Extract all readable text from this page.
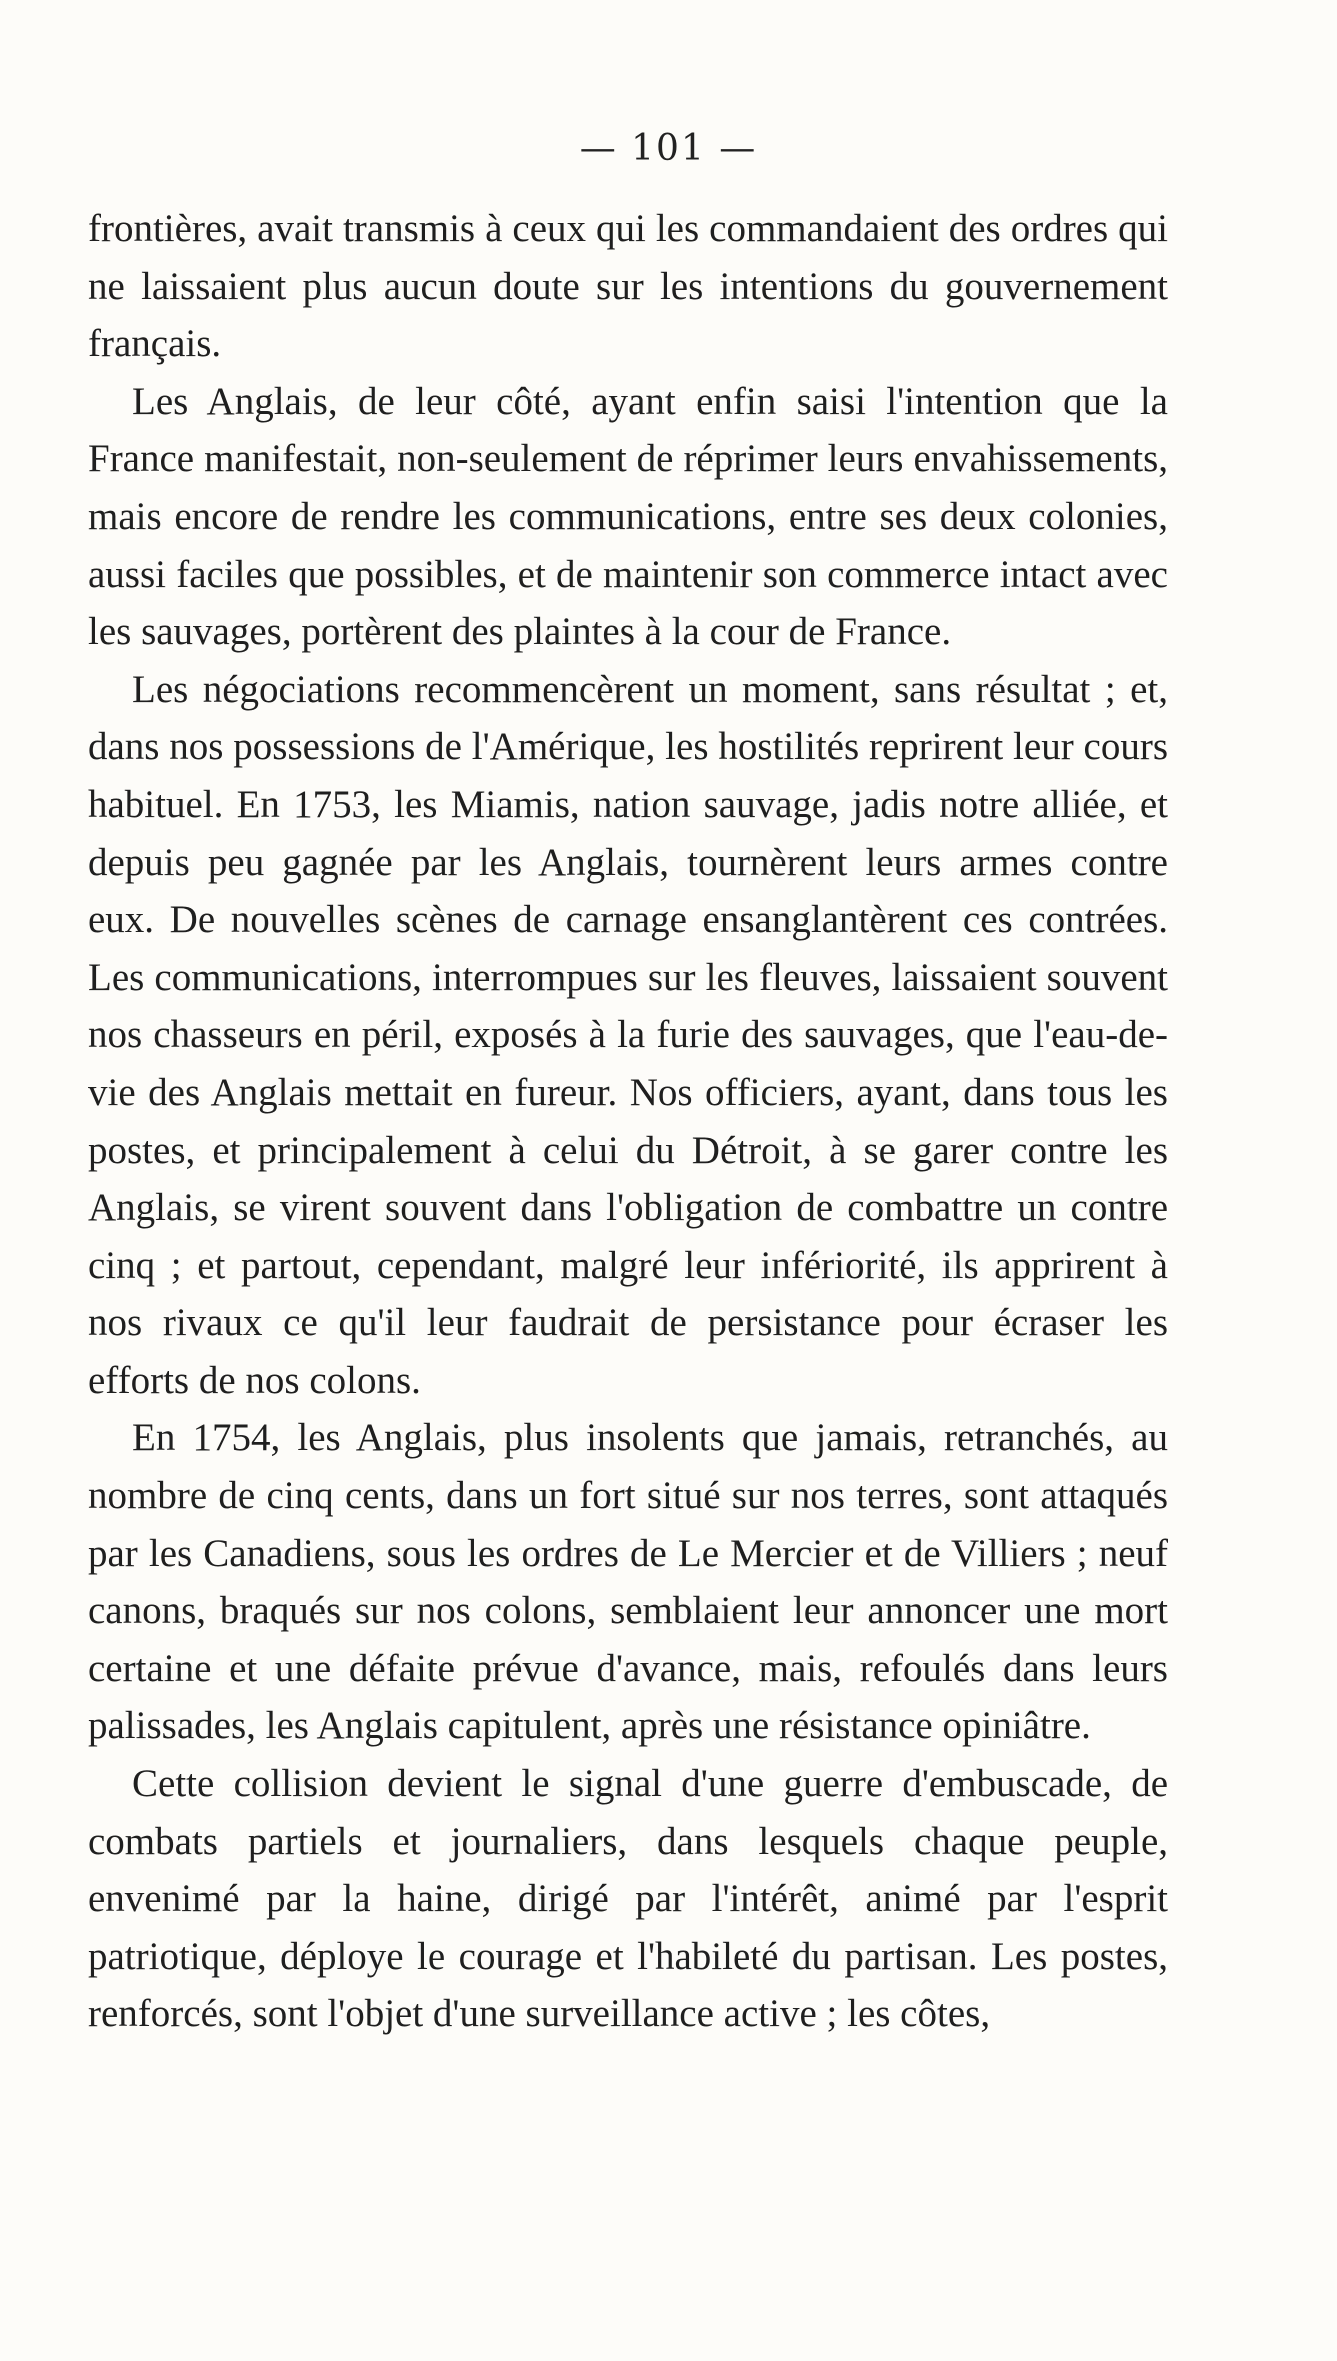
— 101 —

frontières, avait transmis à ceux qui les commandaient des ordres qui ne laissaient plus aucun doute sur les intentions du gouvernement français.

Les Anglais, de leur côté, ayant enfin saisi l'intention que la France manifestait, non-seulement de réprimer leurs envahissements, mais encore de rendre les communications, entre ses deux colonies, aussi faciles que possibles, et de maintenir son commerce intact avec les sauvages, portèrent des plaintes à la cour de France.

Les négociations recommencèrent un moment, sans résultat ; et, dans nos possessions de l'Amérique, les hostilités reprirent leur cours habituel. En 1753, les Miamis, nation sauvage, jadis notre alliée, et depuis peu gagnée par les Anglais, tournèrent leurs armes contre eux. De nouvelles scènes de carnage ensanglantèrent ces contrées. Les communications, interrompues sur les fleuves, laissaient souvent nos chasseurs en péril, exposés à la furie des sauvages, que l'eau-de-vie des Anglais mettait en fureur. Nos officiers, ayant, dans tous les postes, et principalement à celui du Détroit, à se garer contre les Anglais, se virent souvent dans l'obligation de combattre un contre cinq ; et partout, cependant, malgré leur infériorité, ils apprirent à nos rivaux ce qu'il leur faudrait de persistance pour écraser les efforts de nos colons.

En 1754, les Anglais, plus insolents que jamais, retranchés, au nombre de cinq cents, dans un fort situé sur nos terres, sont attaqués par les Canadiens, sous les ordres de Le Mercier et de Villiers ; neuf canons, braqués sur nos colons, semblaient leur annoncer une mort certaine et une défaite prévue d'avance, mais, refoulés dans leurs palissades, les Anglais capitulent, après une résistance opiniâtre.

Cette collision devient le signal d'une guerre d'embuscade, de combats partiels et journaliers, dans lesquels chaque peuple, envenimé par la haine, dirigé par l'intérêt, animé par l'esprit patriotique, déploye le courage et l'habileté du partisan. Les postes, renforcés, sont l'objet d'une surveillance active ; les côtes,
